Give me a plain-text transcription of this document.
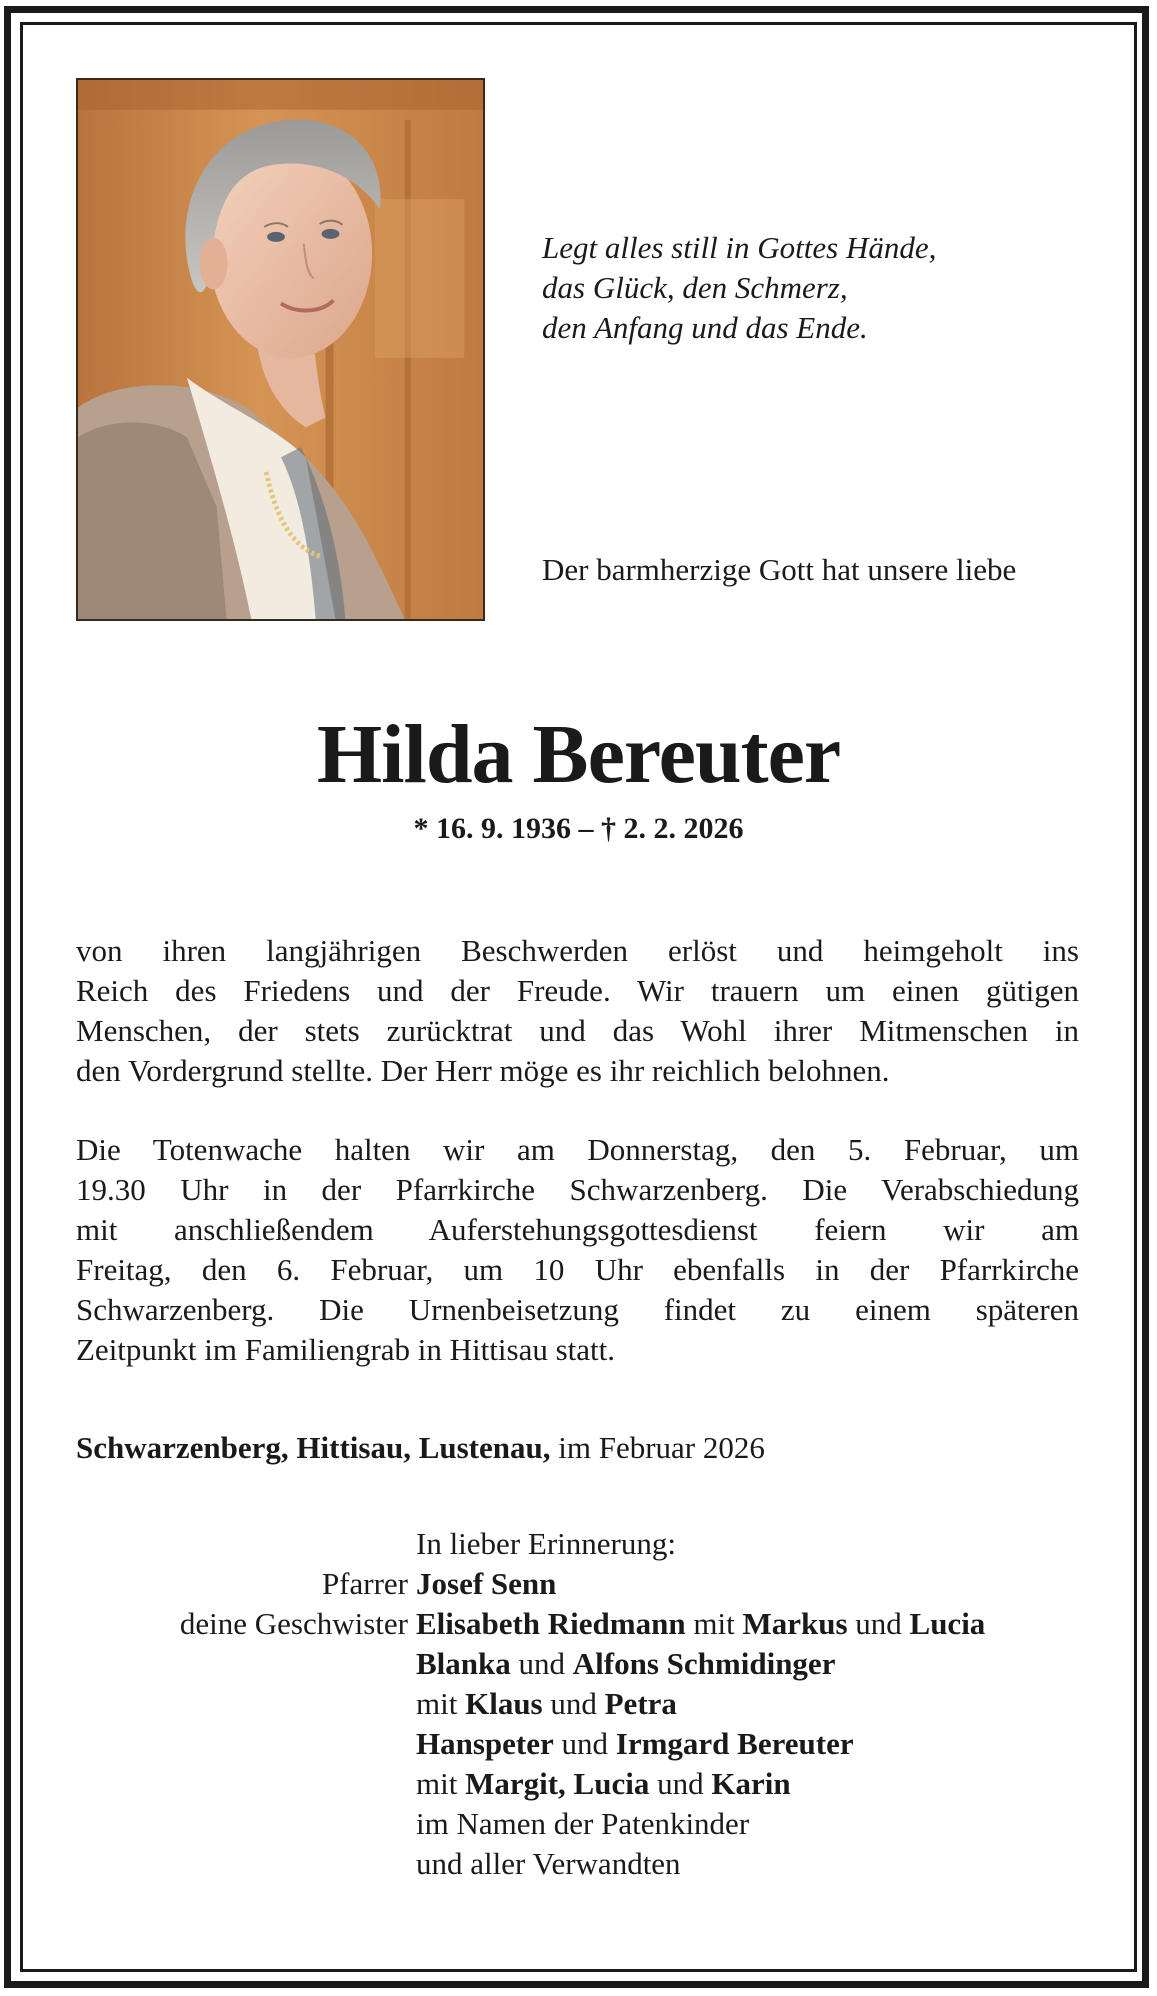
Legt alles still in Gottes Hände,
das Glück, den Schmerz,
den Anfang und das Ende.
Der barmherzige Gott hat unsere liebe
Hilda Bereuter
* 16. 9. 1936 – † 2. 2. 2026
von ihren langjährigen Beschwerden erlöst und heimgeholt ins
Reich des Friedens und der Freude. Wir trauern um einen gütigen
Menschen, der stets zurücktrat und das Wohl ihrer Mitmenschen in
den Vordergrund stellte. Der Herr möge es ihr reichlich belohnen.
Die Totenwache halten wir am Donnerstag, den 5. Februar, um
19.30 Uhr in der Pfarrkirche Schwarzenberg. Die Verabschiedung
mit anschließendem Auferstehungsgottesdienst feiern wir am
Freitag, den 6. Februar, um 10 Uhr ebenfalls in der Pfarrkirche
Schwarzenberg. Die Urnenbeisetzung findet zu einem späteren
Zeitpunkt im Familiengrab in Hittisau statt.
Schwarzenberg, Hittisau, Lustenau, im Februar 2026
In lieber Erinnerung:
Pfarrer Josef Senn
deine Geschwister Elisabeth Riedmann mit Markus und Lucia
Blanka und Alfons Schmidinger
mit Klaus und Petra
Hanspeter und Irmgard Bereuter
mit Margit, Lucia und Karin
im Namen der Patenkinder
und aller Verwandten
